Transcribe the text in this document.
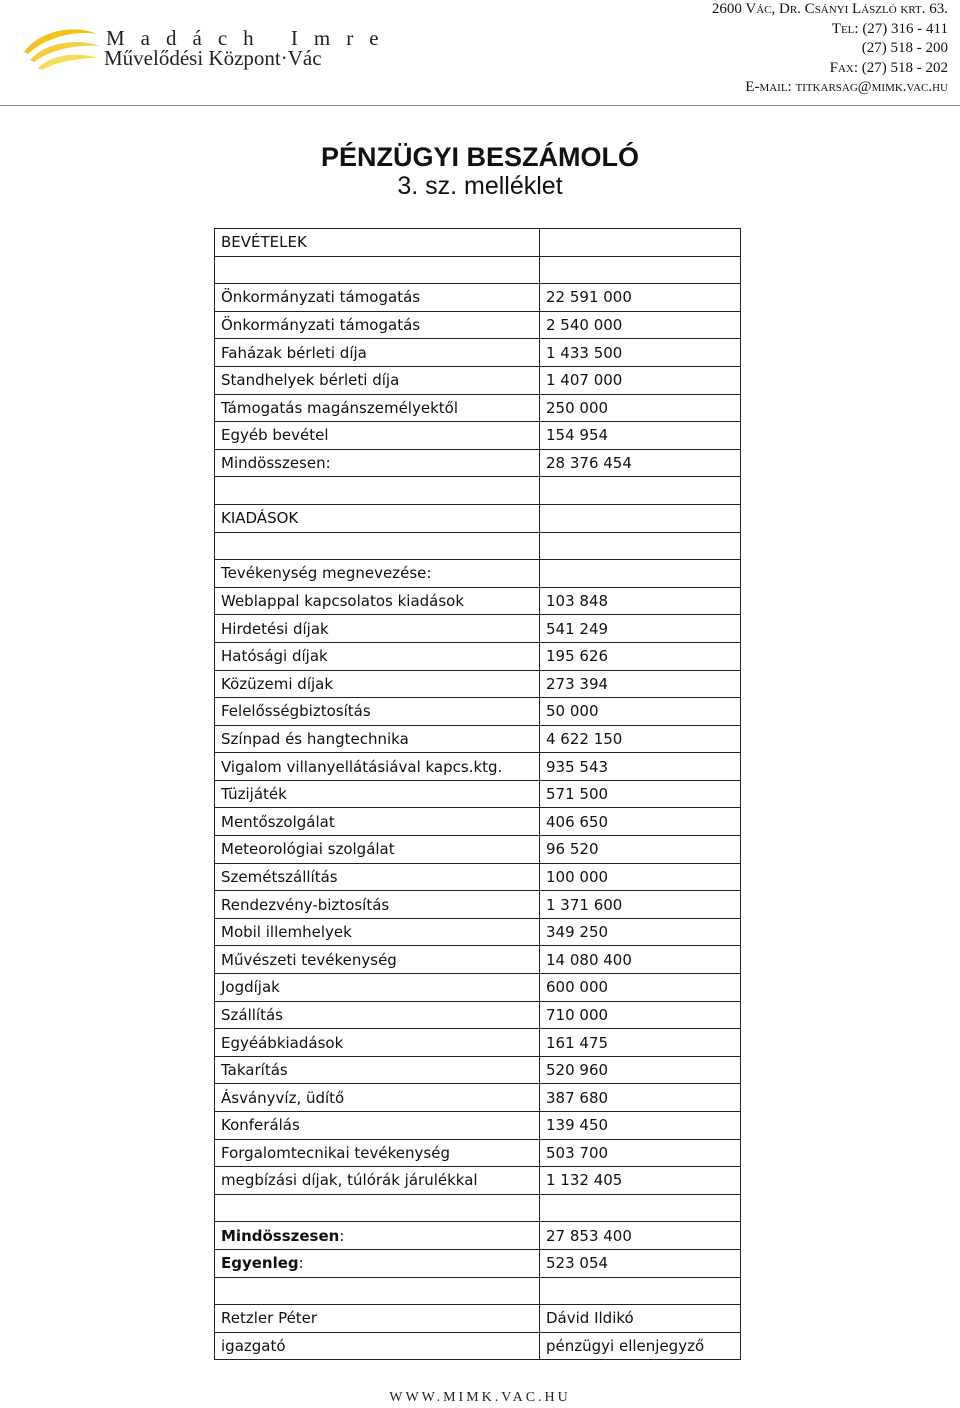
Madách Imre
Művelődési Központ·Vác
2600 Vác, Dr. Csányi László krt. 63.
Tel: (27) 316 - 411
(27) 518 - 200
Fax: (27) 518 - 202
E-mail: titkarsag@mimk.vac.hu
PÉNZÜGYI BESZÁMOLÓ
3. sz. melléklet
BEVÉTELEK	

Önkormányzati támogatás	22 591 000
Önkormányzati támogatás	2 540 000
Faházak bérleti díja	1 433 500
Standhelyek bérleti díja	1 407 000
Támogatás magánszemélyektől	250 000
Egyéb bevétel	154 954
Mindösszesen:	28 376 454

KIADÁSOK	

Tevékenység megnevezése:	
Weblappal kapcsolatos kiadások	103 848
Hirdetési díjak	541 249
Hatósági díjak	195 626
Közüzemi díjak	273 394
Felelősségbiztosítás	50 000
Színpad és hangtechnika	4 622 150
Vigalom villanyellátásiával kapcs.ktg.	935 543
Tüzijáték	571 500
Mentőszolgálat	406 650
Meteorológiai szolgálat	96 520
Szemétszállítás	100 000
Rendezvény-biztosítás	1 371 600
Mobil illemhelyek	349 250
Művészeti tevékenység	14 080 400
Jogdíjak	600 000
Szállítás	710 000
Egyéábkiadások	161 475
Takarítás	520 960
Ásványvíz, üdítő	387 680
Konferálás	139 450
Forgalomtecnikai tevékenység	503 700
megbízási díjak, túlórák járulékkal	1 132 405

Mindösszesen:	27 853 400
Egyenleg:	523 054

Retzler Péter	Dávid Ildikó
igazgató	pénzügyi ellenjegyző
WWW.MIMK.VAC.HU
